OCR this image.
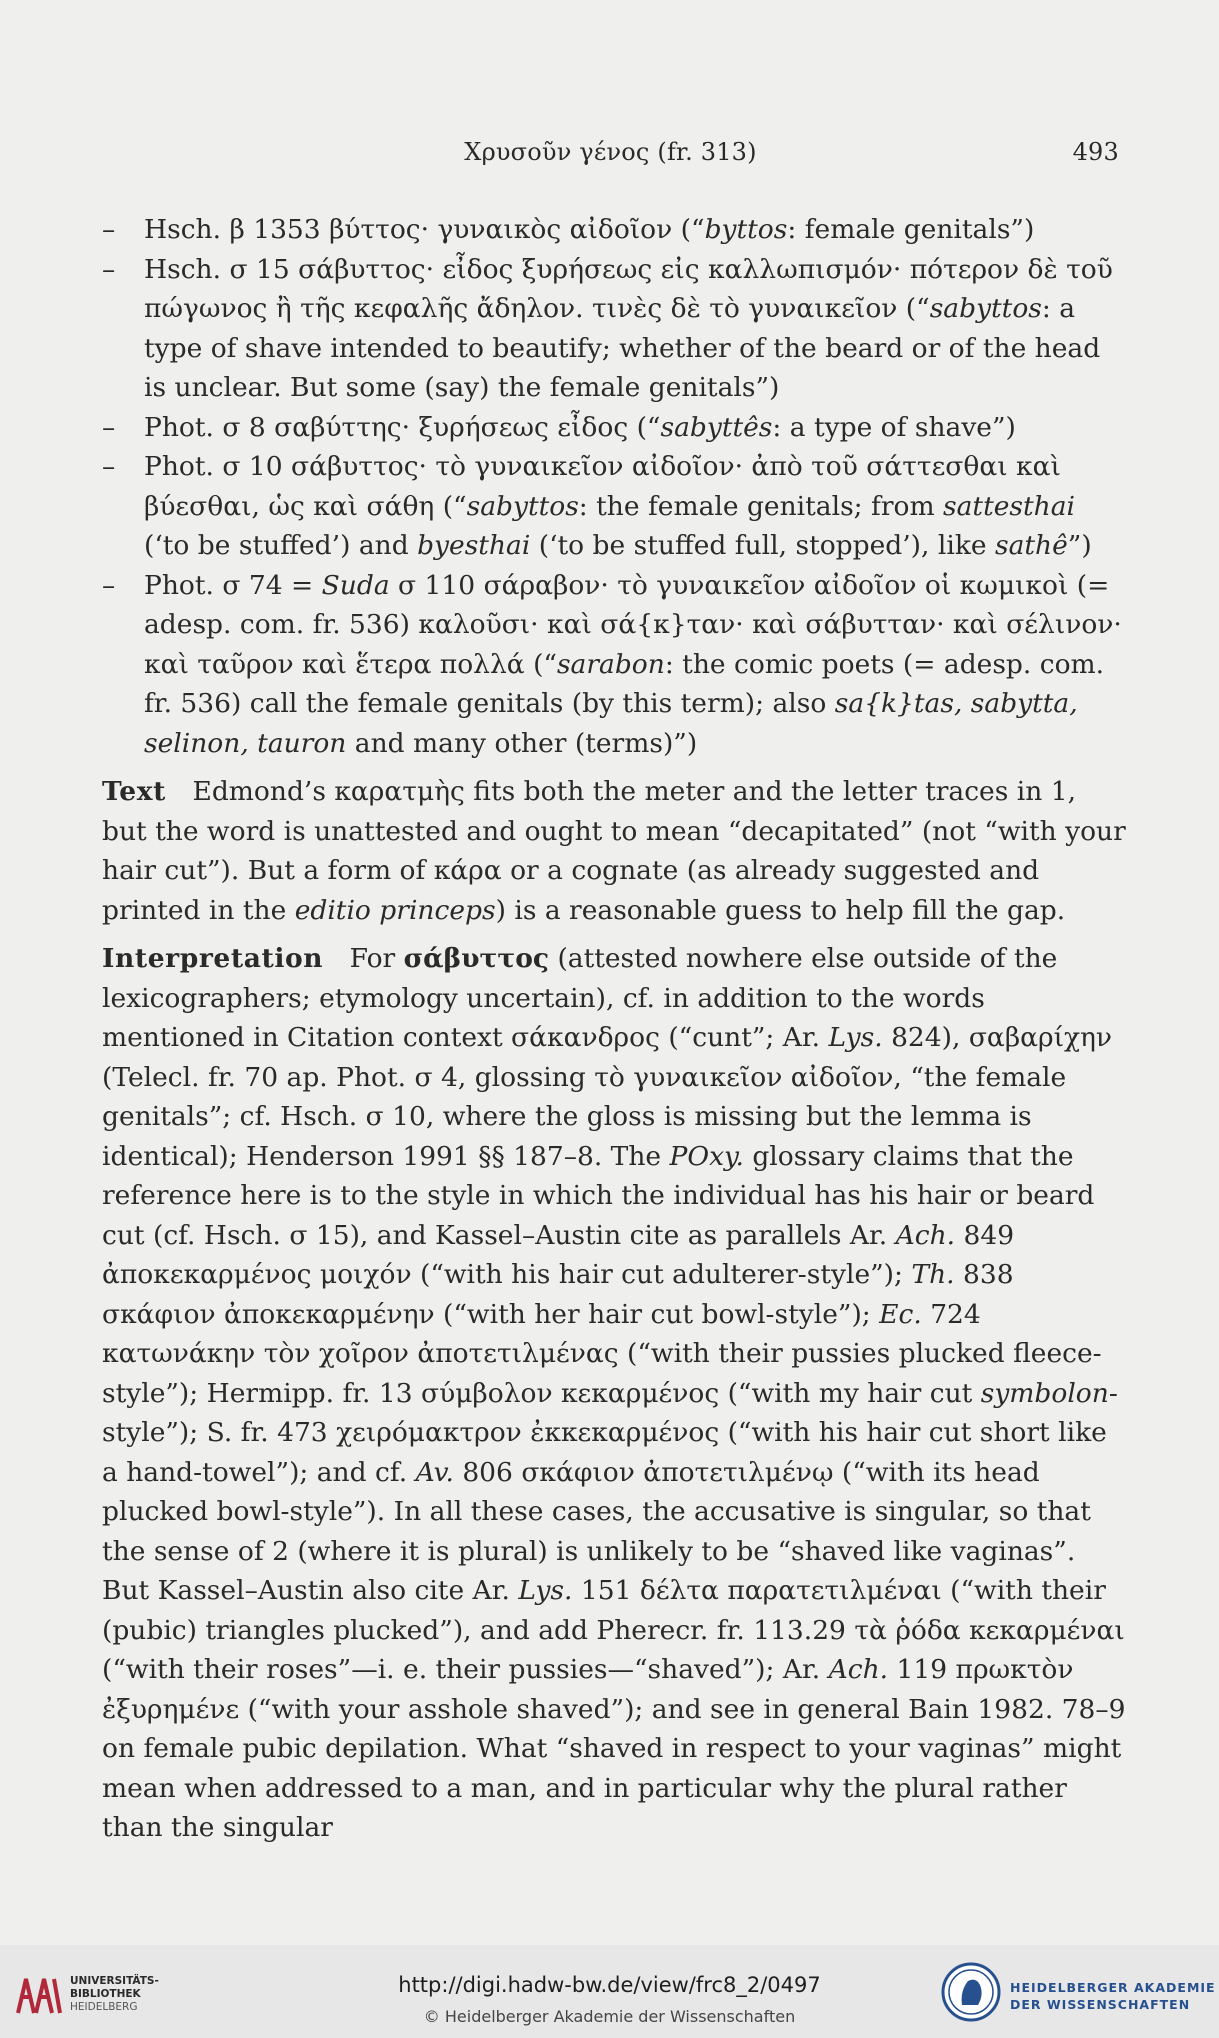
Χρυσοῦν γένος (fr. 313)	493
– Hsch. β 1353 βύττος· γυναικὸς αἰδοῖον (“byttos: female genitals”)
– Hsch. σ 15 σάβυττος· εἶδος ξυρήσεως εἰς καλλωπισμόν· πότερον δὲ τοῦ πώγωνος ἢ τῆς κεφαλῆς ἄδηλον. τινὲς δὲ τὸ γυναικεῖον (“sabyttos: a type of shave intended to beautify; whether of the beard or of the head is unclear. But some (say) the female genitals”)
– Phot. σ 8 σαβύττης· ξυρήσεως εἶδος (“sabyttês: a type of shave”)
– Phot. σ 10 σάβυττος· τὸ γυναικεῖον αἰδοῖον· ἀπὸ τοῦ σάττεσθαι καὶ βύεσθαι, ὡς καὶ σάθη (“sabyttos: the female genitals; from sattesthai (‘to be stuffed’) and byesthai (‘to be stuffed full, stopped’), like sathê”)
– Phot. σ 74 = Suda σ 110 σάραβον· τὸ γυναικεῖον αἰδοῖον οἱ κωμικοὶ (= adesp. com. fr. 536) καλοῦσι· καὶ σά{κ}ταν· καὶ σάβυτταν· καὶ σέλινον· καὶ ταῦρον καὶ ἕτερα πολλά (“sarabon: the comic poets (= adesp. com. fr. 536) call the female genitals (by this term); also sa{k}tas, sabytta, selinon, tauron and many other (terms)”)
Text  Edmond’s καρατμὴς fits both the meter and the letter traces in 1, but the word is unattested and ought to mean “decapitated” (not “with your hair cut”). But a form of κάρα or a cognate (as already suggested and printed in the editio princeps) is a reasonable guess to help fill the gap.
Interpretation  For σάβυττος (attested nowhere else outside of the lexicographers; etymology uncertain), cf. in addition to the words mentioned in Citation context σάκανδρος (“cunt”; Ar. Lys. 824), σαβαρίχην (Telecl. fr. 70 ap. Phot. σ 4, glossing τὸ γυναικεῖον αἰδοῖον, “the female genitals”; cf. Hsch. σ 10, where the gloss is missing but the lemma is identical); Henderson 1991 §§ 187–8. The POxy. glossary claims that the reference here is to the style in which the individual has his hair or beard cut (cf. Hsch. σ 15), and Kassel–Austin cite as parallels Ar. Ach. 849 ἀποκεκαρμένος μοιχόν (“with his hair cut adulterer-style”); Th. 838 σκάφιον ἀποκεκαρμένην (“with her hair cut bowl-style”); Ec. 724 κατωνάκην τὸν χοῖρον ἀποτετιλμένας (“with their pussies plucked fleece-style”); Hermipp. fr. 13 σύμβολον κεκαρμένος (“with my hair cut symbolon-style”); S. fr. 473 χειρόμακτρον ἐκκεκαρμένος (“with his hair cut short like a hand-towel”); and cf. Av. 806 σκάφιον ἀποτετιλμένῳ (“with its head plucked bowl-style”). In all these cases, the accusative is singular, so that the sense of 2 (where it is plural) is unlikely to be “shaved like vaginas”. But Kassel–Austin also cite Ar. Lys. 151 δέλτα παρατετιλμέναι (“with their (pubic) triangles plucked”), and add Pherecr. fr. 113.29 τὰ ῥόδα κεκαρμέναι (“with their roses”—i. e. their pussies—“shaved”); Ar. Ach. 119 πρωκτὸν ἐξυρημένε (“with your asshole shaved”); and see in general Bain 1982. 78–9 on female pubic depilation. What “shaved in respect to your vaginas” might mean when addressed to a man, and in particular why the plural rather than the singular
UNIVERSITÄTS-
BIBLIOTHEK
HEIDELBERG
http://digi.hadw-bw.de/view/frc8_2/0497
© Heidelberger Akademie der Wissenschaften
HEIDELBERGER AKADEMIE
DER WISSENSCHAFTEN
